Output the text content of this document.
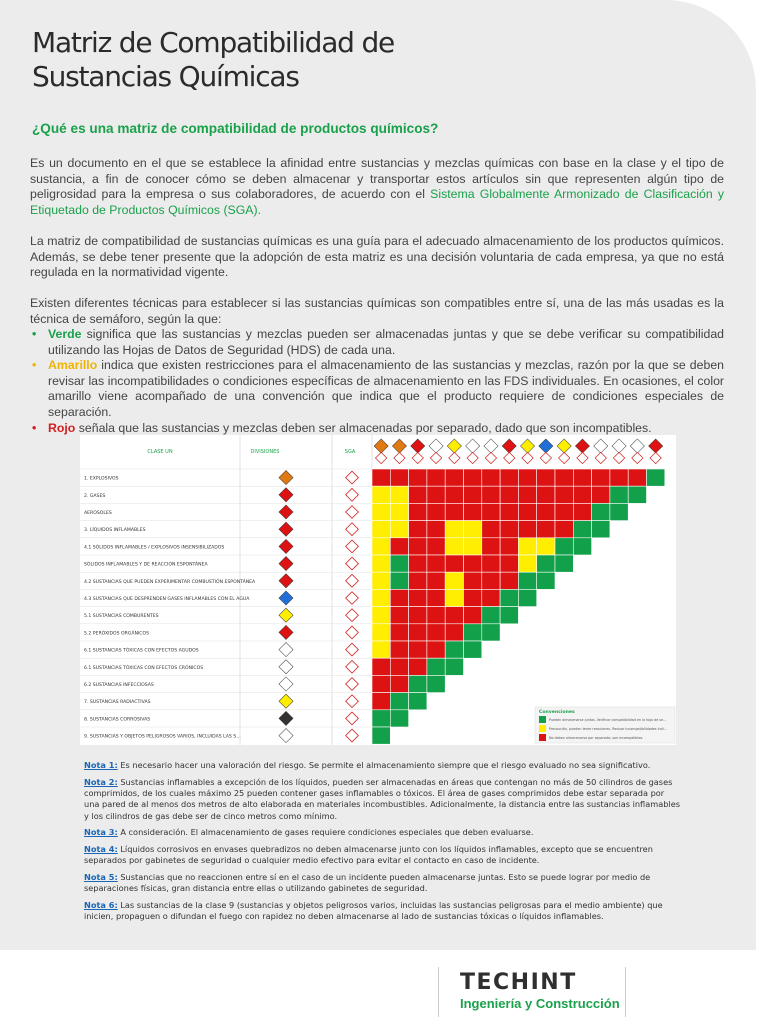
Matriz de Compatibilidad de
Sustancias Químicas
¿Qué es una matriz de compatibilidad de productos químicos?
Es un documento en el que se establece la afinidad entre sustancias y mezclas químicas con base en la clase y el tipo de sustancia, a fin de conocer cómo se deben almacenar y transportar estos artículos sin que representen algún tipo de peligrosidad para la empresa o sus colaboradores, de acuerdo con el Sistema Globalmente Armonizado de Clasificación y Etiquetado de Productos Químicos (SGA).
La matriz de compatibilidad de sustancias químicas es una guía para el adecuado almacenamiento de los productos químicos. Además, se debe tener presente que la adopción de esta matriz es una decisión voluntaria de cada empresa, ya que no está regulada en la normatividad vigente.
Existen diferentes técnicas para establecer si las sustancias químicas son compatibles entre sí, una de las más usadas es la técnica de semáforo, según la que:
• Verde significa que las sustancias y mezclas pueden ser almacenadas juntas y que se debe verificar su compatibilidad utilizando las Hojas de Datos de Seguridad (HDS) de cada una.
• Amarillo indica que existen restricciones para el almacenamiento de las sustancias y mezclas, razón por la que se deben revisar las incompatibilidades o condiciones específicas de almacenamiento en las FDS individuales. En ocasiones, el color amarillo viene acompañado de una convención que indica que el producto requiere de condiciones especiales de separación.
• Rojo señala que las sustancias y mezclas deben ser almacenadas por separado, dado que son incompatibles.
CLASE UN	DIVISIONES	SGA
1. EXPLOSIVOS
2. GASES
AEROSOLES
3. LÍQUIDOS INFLAMABLES
4.1 SÓLIDOS INFLAMABLES / EXPLOSIVOS INSENSIBILIZADOS
SÓLIDOS INFLAMABLES Y DE REACCIÓN ESPONTÁNEA
4.2 SUSTANCIAS QUE PUEDEN EXPERIMENTAR COMBUSTIÓN ESPONTÁNEA
4.3 SUSTANCIAS QUE DESPRENDEN GASES INFLAMABLES CON EL AGUA
5.1 SUSTANCIAS COMBURENTES
5.2 PERÓXIDOS ORGÁNICOS
6.1 SUSTANCIAS TÓXICAS CON EFECTOS AGUDOS
6.1 SUSTANCIAS TÓXICAS CON EFECTOS CRÓNICOS
6.2 SUSTANCIAS INFECCIOSAS
7. SUSTANCIAS RADIACTIVAS
8. SUSTANCIAS CORROSIVAS
9. SUSTANCIAS Y OBJETOS PELIGROSOS VARIOS, INCLUIDAS LAS S…
Convenciones
Pueden almacenarse juntas. Verificar compatibilidad en la hoja de se…
Precaución, pueden tener reacciones. Revisar incompatibilidades indi…
No deben almacenarse por separado; son incompatibles.
Nota 1: Es necesario hacer una valoración del riesgo. Se permite el almacenamiento siempre que el riesgo evaluado no sea significativo.
Nota 2: Sustancias inflamables a excepción de los líquidos, pueden ser almacenadas en áreas que contengan no más de 50 cilindros de gases comprimidos, de los cuales máximo 25 pueden contener gases inflamables o tóxicos. El área de gases comprimidos debe estar separada por una pared de al menos dos metros de alto elaborada en materiales incombustibles. Adicionalmente, la distancia entre las sustancias inflamables y los cilindros de gas debe ser de cinco metros como mínimo.
Nota 3: A consideración. El almacenamiento de gases requiere condiciones especiales que deben evaluarse.
Nota 4: Líquidos corrosivos en envases quebradizos no deben almacenarse junto con los líquidos inflamables, excepto que se encuentren separados por gabinetes de seguridad o cualquier medio efectivo para evitar el contacto en caso de incidente.
Nota 5: Sustancias que no reaccionen entre sí en el caso de un incidente pueden almacenarse juntas. Esto se puede lograr por medio de separaciones físicas, gran distancia entre ellas o utilizando gabinetes de seguridad.
Nota 6: Las sustancias de la clase 9 (sustancias y objetos peligrosos varios, incluidas las sustancias peligrosas para el medio ambiente) que inicien, propaguen o difundan el fuego con rapidez no deben almacenarse al lado de sustancias tóxicas o líquidos inflamables.
TECHINT
Ingeniería y Construcción
